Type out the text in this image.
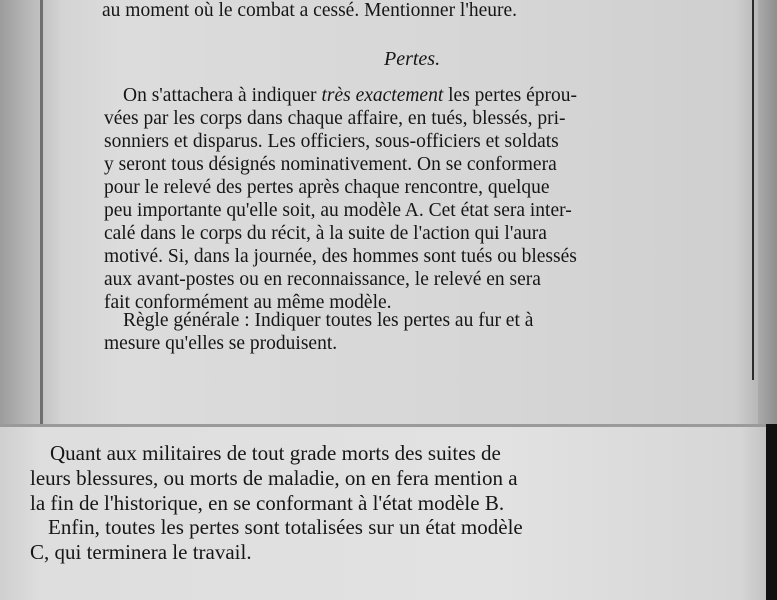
au moment où le combat a cessé. Mentionner l'heure.
Pertes.
On s'attachera à indiquer très exactement les pertes éprou-
vées par les corps dans chaque affaire, en tués, blessés, pri-
sonniers et disparus. Les officiers, sous-officiers et soldats
y seront tous désignés nominativement. On se conformera
pour le relevé des pertes après chaque rencontre, quelque
peu importante qu'elle soit, au modèle A. Cet état sera inter-
calé dans le corps du récit, à la suite de l'action qui l'aura
motivé. Si, dans la journée, des hommes sont tués ou blessés
aux avant-postes ou en reconnaissance, le relevé en sera
fait conformément au même modèle.
Règle générale : Indiquer toutes les pertes au fur et à
mesure qu'elles se produisent.
Quant aux militaires de tout grade morts des suites de
leurs blessures, ou morts de maladie, on en fera mention a
la fin de l'historique, en se conformant à l'état modèle B.
Enfin, toutes les pertes sont totalisées sur un état modèle
C, qui terminera le travail.
